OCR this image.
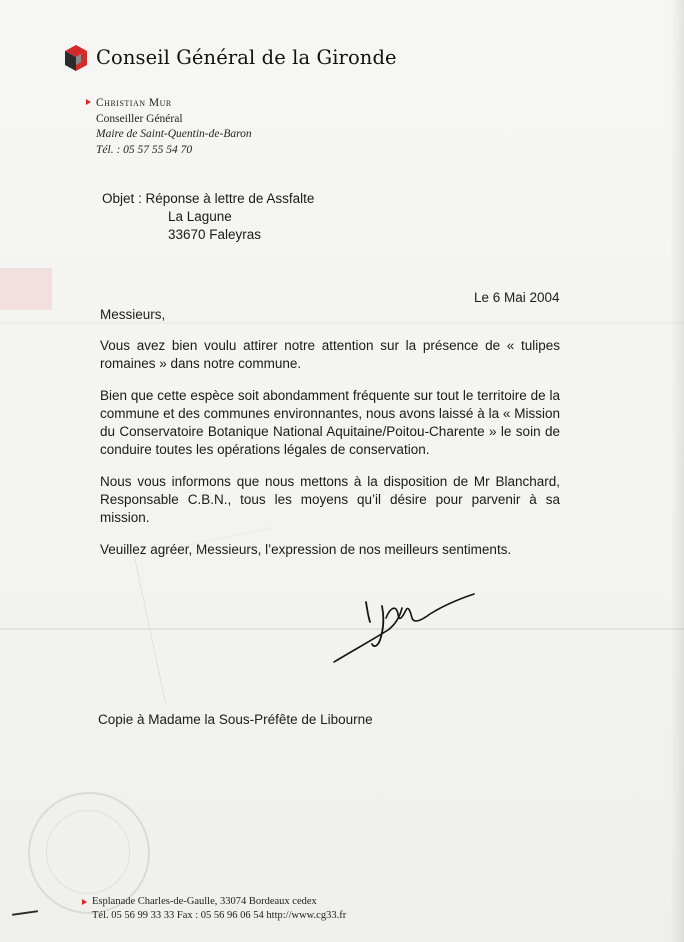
Conseil Général de la Gironde
Christian Mur
Conseiller Général
Maire de Saint-Quentin-de-Baron
Tél. : 05 57 55 54 70
Objet : Réponse à lettre de Assfalte
La Lagune
33670 Faleyras
Le 6 Mai 2004
Messieurs,

Vous avez bien voulu attirer notre attention sur la présence de « tulipes romaines » dans notre commune.

Bien que cette espèce soit abondamment fréquente sur tout le territoire de la commune et des communes environnantes, nous avons laissé à la « Mission du Conservatoire Botanique National Aquitaine/Poitou-Charente » le soin de conduire toutes les opérations légales de conservation.

Nous vous informons que nous mettons à la disposition de Mr Blanchard, Responsable C.B.N., tous les moyens qu’il désire pour parvenir à sa mission.

Veuillez agréer, Messieurs, l’expression de nos meilleurs sentiments.

Copie à Madame la Sous-Préfête de Libourne
Esplanade Charles-de-Gaulle, 33074 Bordeaux cedex
Tél. 05 56 99 33 33 Fax : 05 56 96 06 54 http://www.cg33.fr
